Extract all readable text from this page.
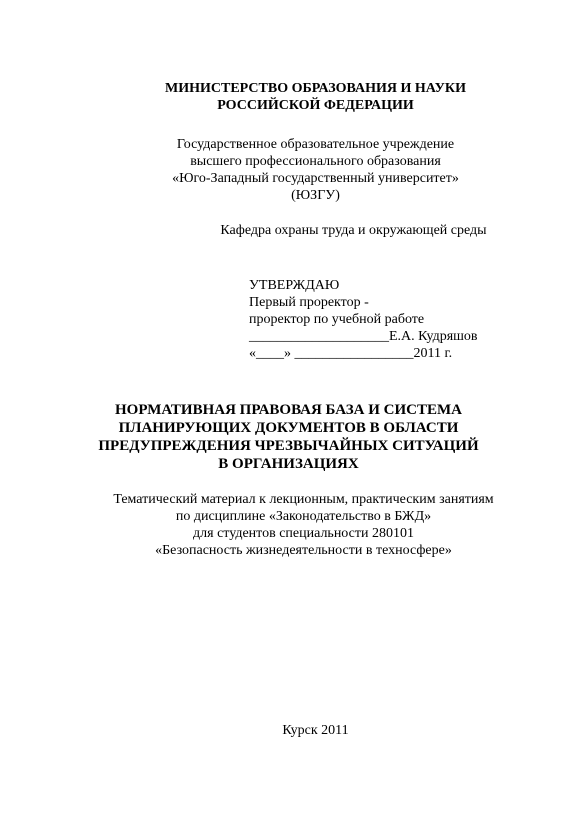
МИНИСТЕРСТВО ОБРАЗОВАНИЯ И НАУКИ
РОССИЙСКОЙ ФЕДЕРАЦИИ
Государственное образовательное учреждение
высшего профессионального образования
«Юго-Западный государственный университет»
(ЮЗГУ)
Кафедра охраны труда и окружающей среды
УТВЕРЖДАЮ
Первый проректор -
проректор по учебной работе
____________________Е.А. Кудряшов
«____» _________________2011 г.
НОРМАТИВНАЯ ПРАВОВАЯ БАЗА И СИСТЕМА
ПЛАНИРУЮЩИХ ДОКУМЕНТОВ В ОБЛАСТИ
ПРЕДУПРЕЖДЕНИЯ ЧРЕЗВЫЧАЙНЫХ СИТУАЦИЙ
В ОРГАНИЗАЦИЯХ
Тематический материал к лекционным, практическим занятиям
по дисциплине «Законодательство в БЖД»
для студентов специальности 280101
«Безопасность жизнедеятельности в техносфере»
Курск 2011
